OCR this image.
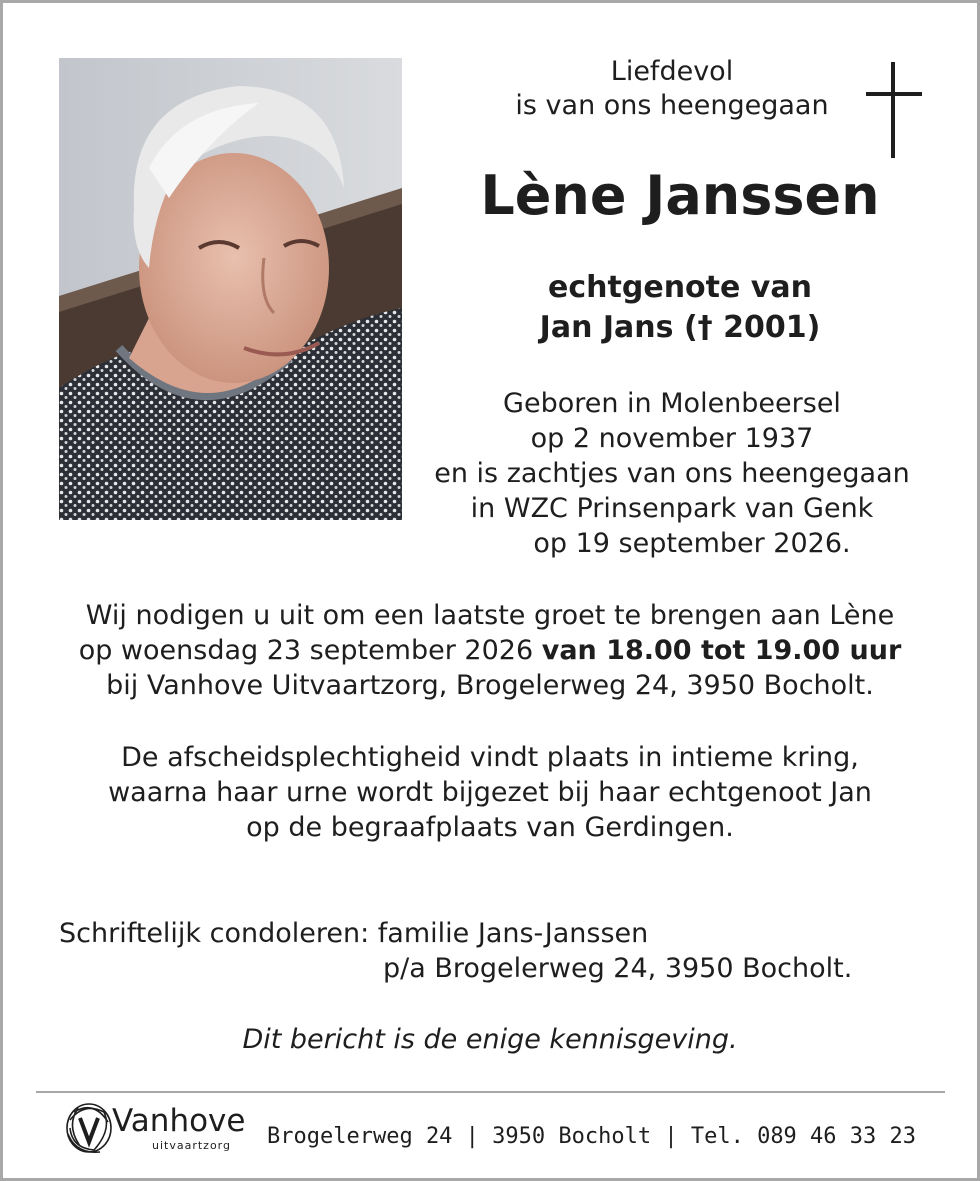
Liefdevol
is van ons heengegaan
Lène Janssen
echtgenote van
Jan Jans († 2001)
Geboren in Molenbeersel
op 2 november 1937
en is zachtjes van ons heengegaan
in WZC Prinsenpark van Genk
op 19 september 2026.
Wij nodigen u uit om een laatste groet te brengen aan Lène
op woensdag 23 september 2026 van 18.00 tot 19.00 uur
bij Vanhove Uitvaartzorg, Brogelerweg 24, 3950 Bocholt.
De afscheidsplechtigheid vindt plaats in intieme kring,
waarna haar urne wordt bijgezet bij haar echtgenoot Jan
op de begraafplaats van Gerdingen.
Schriftelijk condoleren: familie Jans-Janssen
p/a Brogelerweg 24, 3950 Bocholt.
Dit bericht is de enige kennisgeving.
Vanhove
uitvaartzorg Brogelerweg 24 | 3950 Bocholt | Tel. 089 46 33 23
